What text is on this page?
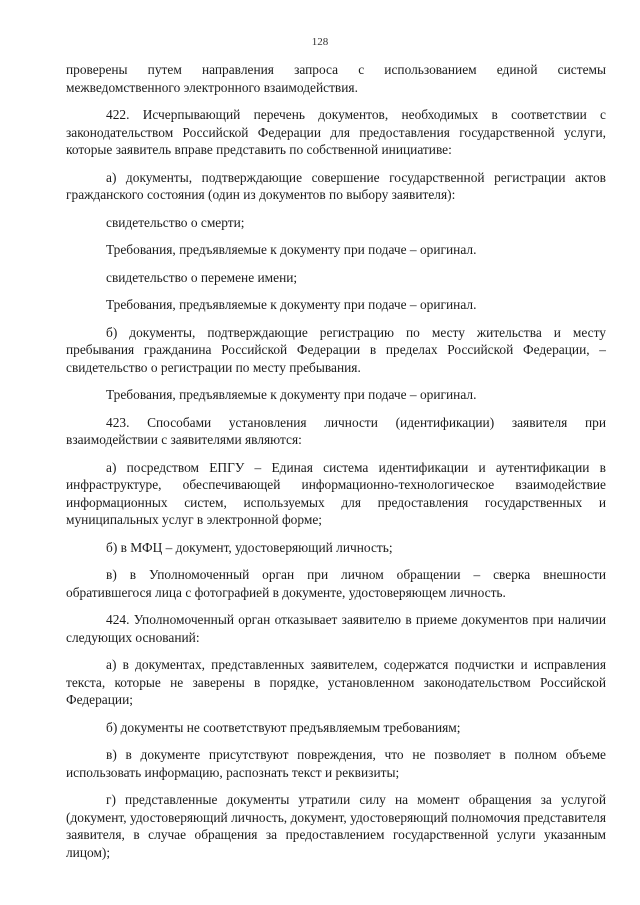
128

проверены путем направления запроса с использованием единой системы межведомственного электронного взаимодействия.

422. Исчерпывающий перечень документов, необходимых в соответствии с законодательством Российской Федерации для предоставления государственной услуги, которые заявитель вправе представить по собственной инициативе:

а) документы, подтверждающие совершение государственной регистрации актов гражданского состояния (один из документов по выбору заявителя):

свидетельство о смерти;

Требования, предъявляемые к документу при подаче – оригинал.

свидетельство о перемене имени;

Требования, предъявляемые к документу при подаче – оригинал.

б) документы, подтверждающие регистрацию по месту жительства и месту пребывания гражданина Российской Федерации в пределах Российской Федерации, – свидетельство о регистрации по месту пребывания.

Требования, предъявляемые к документу при подаче – оригинал.

423. Способами установления личности (идентификации) заявителя при взаимодействии с заявителями являются:

а) посредством ЕПГУ – Единая система идентификации и аутентификации в инфраструктуре, обеспечивающей информационно-технологическое взаимодействие информационных систем, используемых для предоставления государственных и муниципальных услуг в электронной форме;

б) в МФЦ – документ, удостоверяющий личность;

в) в Уполномоченный орган при личном обращении – сверка внешности обратившегося лица с фотографией в документе, удостоверяющем личность.

424. Уполномоченный орган отказывает заявителю в приеме документов при наличии следующих оснований:

а) в документах, представленных заявителем, содержатся подчистки и исправления текста, которые не заверены в порядке, установленном законодательством Российской Федерации;

б) документы не соответствуют предъявляемым требованиям;

в) в документе присутствуют повреждения, что не позволяет в полном объеме использовать информацию, распознать текст и реквизиты;

г) представленные документы утратили силу на момент обращения за услугой (документ, удостоверяющий личность, документ, удостоверяющий полномочия представителя заявителя, в случае обращения за предоставлением государственной услуги указанным лицом);
